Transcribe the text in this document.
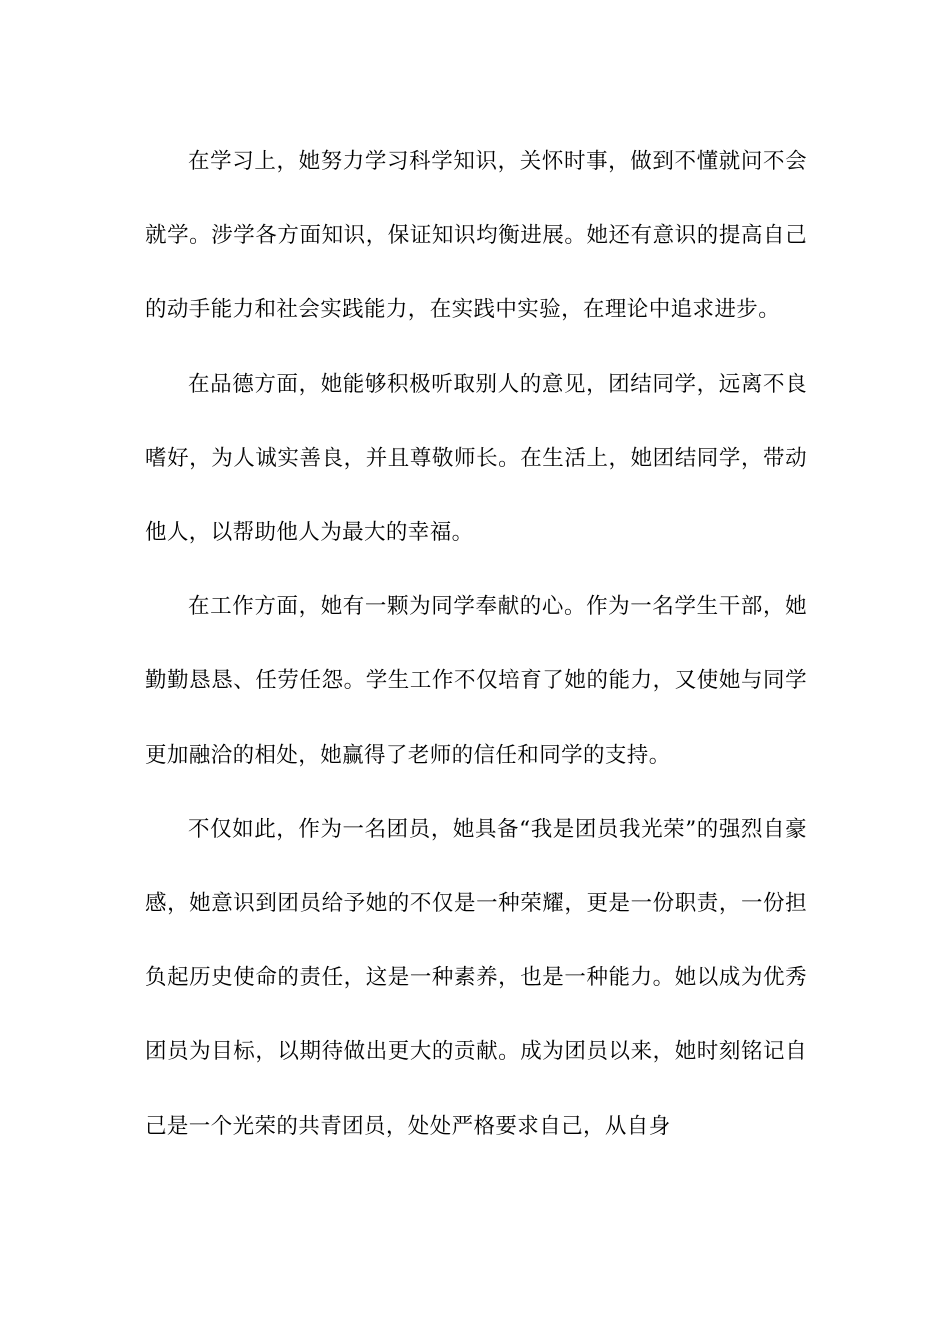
在学习上，她努力学习科学知识，关怀时事，做到不懂就问不会就学。涉学各方面知识，保证知识均衡进展。她还有意识的提高自己的动手能力和社会实践能力，在实践中实验，在理论中追求进步。

在品德方面，她能够积极听取别人的意见，团结同学，远离不良嗜好，为人诚实善良，并且尊敬师长。在生活上，她团结同学，带动他人，以帮助他人为最大的幸福。

在工作方面，她有一颗为同学奉献的心。作为一名学生干部，她勤勤恳恳、任劳任怨。学生工作不仅培育了她的能力，又使她与同学更加融洽的相处，她赢得了老师的信任和同学的支持。

不仅如此，作为一名团员，她具备“我是团员我光荣”的强烈自豪感，她意识到团员给予她的不仅是一种荣耀，更是一份职责，一份担负起历史使命的责任，这是一种素养，也是一种能力。她以成为优秀团员为目标，以期待做出更大的贡献。成为团员以来，她时刻铭记自己是一个光荣的共青团员，处处严格要求自己，从自身
